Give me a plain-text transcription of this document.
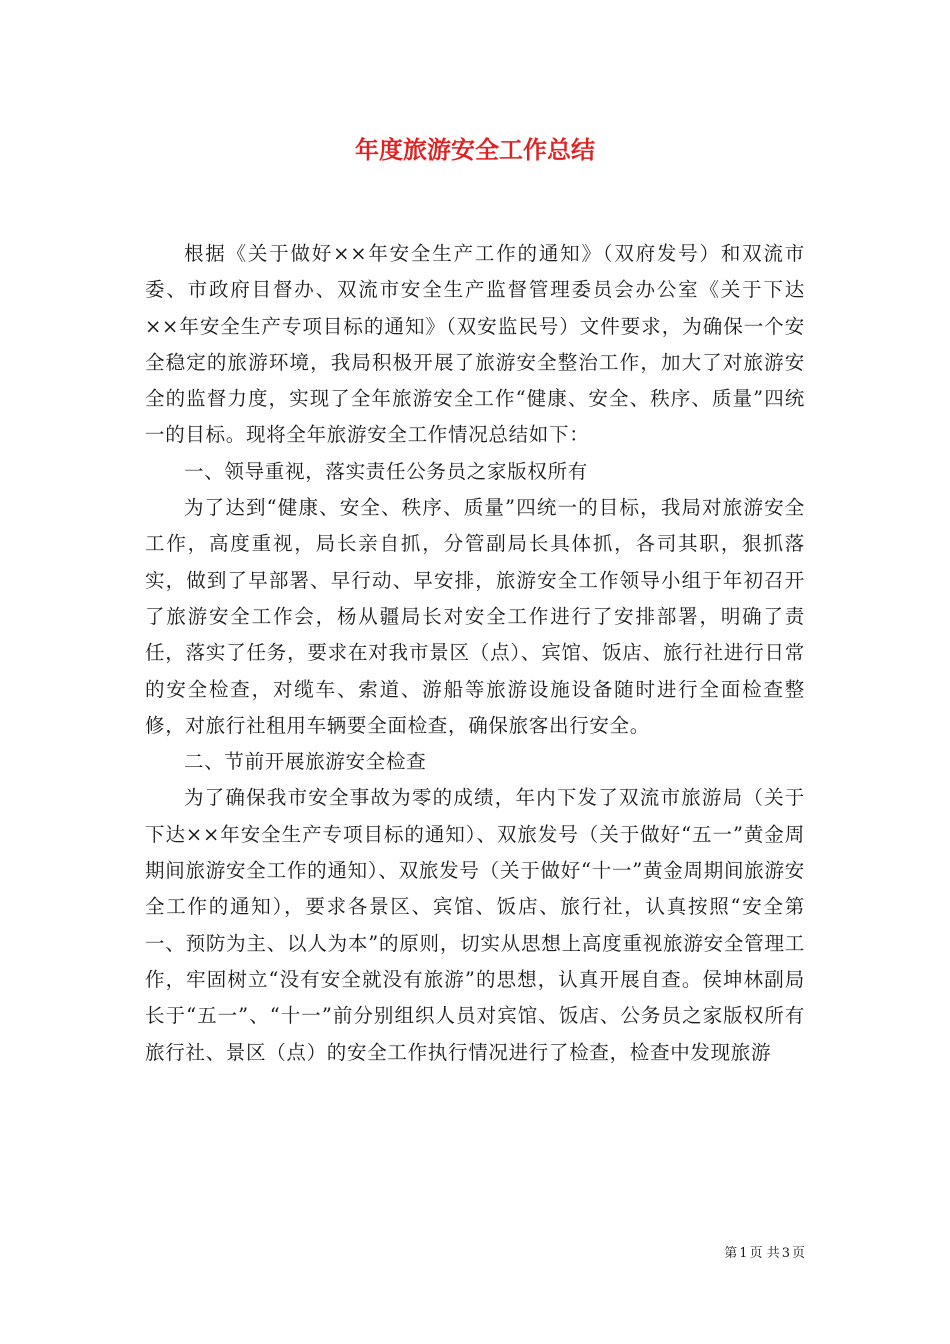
年度旅游安全工作总结

根据《关于做好××年安全生产工作的通知》（双府发号）和双流市委、市政府目督办、双流市安全生产监督管理委员会办公室《关于下达××年安全生产专项目标的通知》（双安监民号）文件要求，为确保一个安全稳定的旅游环境，我局积极开展了旅游安全整治工作，加大了对旅游安全的监督力度，实现了全年旅游安全工作“健康、安全、秩序、质量”四统一的目标。现将全年旅游安全工作情况总结如下：

一、领导重视，落实责任公务员之家版权所有

为了达到“健康、安全、秩序、质量”四统一的目标，我局对旅游安全工作，高度重视，局长亲自抓，分管副局长具体抓，各司其职，狠抓落实，做到了早部署、早行动、早安排，旅游安全工作领导小组于年初召开了旅游安全工作会，杨从疆局长对安全工作进行了安排部署，明确了责任，落实了任务，要求在对我市景区（点）、宾馆、饭店、旅行社进行日常的安全检查，对缆车、索道、游船等旅游设施设备随时进行全面检查整修，对旅行社租用车辆要全面检查，确保旅客出行安全。

二、节前开展旅游安全检查

为了确保我市安全事故为零的成绩，年内下发了双流市旅游局（关于下达××年安全生产专项目标的通知）、双旅发号（关于做好“五一”黄金周期间旅游安全工作的通知）、双旅发号（关于做好“十一”黄金周期间旅游安全工作的通知），要求各景区、宾馆、饭店、旅行社，认真按照“安全第一、预防为主、以人为本”的原则，切实从思想上高度重视旅游安全管理工作，牢固树立“没有安全就没有旅游”的思想，认真开展自查。侯坤林副局长于“五一”、“十一”前分别组织人员对宾馆、饭店、公务员之家版权所有旅行社、景区（点）的安全工作执行情况进行了检查，检查中发现旅游

第 1 页 共 3 页
